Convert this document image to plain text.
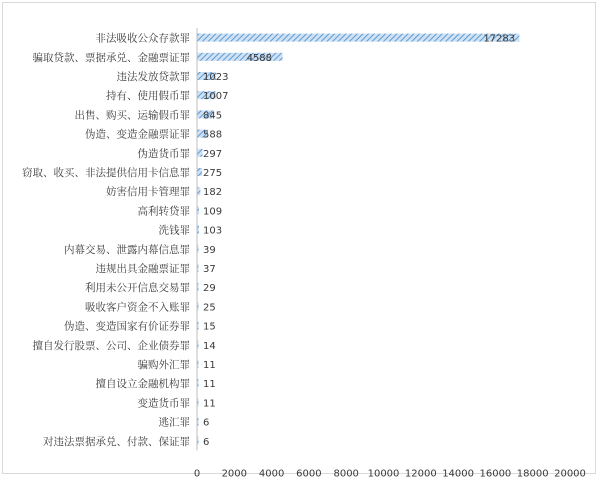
非法吸收公众存款罪
骗取贷款、票据承兑、金融票证罪
违法发放贷款罪
持有、使用假币罪
出售、购买、运输假币罪
伪造、变造金融票证罪
伪造货币罪
窃取、收买、非法提供信用卡信息罪
妨害信用卡管理罪
高利转贷罪
洗钱罪
内幕交易、泄露内幕信息罪
违规出具金融票证罪
利用未公开信息交易罪
吸收客户资金不入账罪
伪造、变造国家有价证券罪
擅自发行股票、公司、企业债券罪
骗购外汇罪
擅自设立金融机构罪
变造货币罪
逃汇罪
对违法票据承兑、付款、保证罪
17283
4588
1023
1007
845
588
297
275
182
109
103
39
37
29
25
15
14
11
11
11
6
6
0 2000 4000 6000 8000 10000 12000 14000 16000 18000 20000
